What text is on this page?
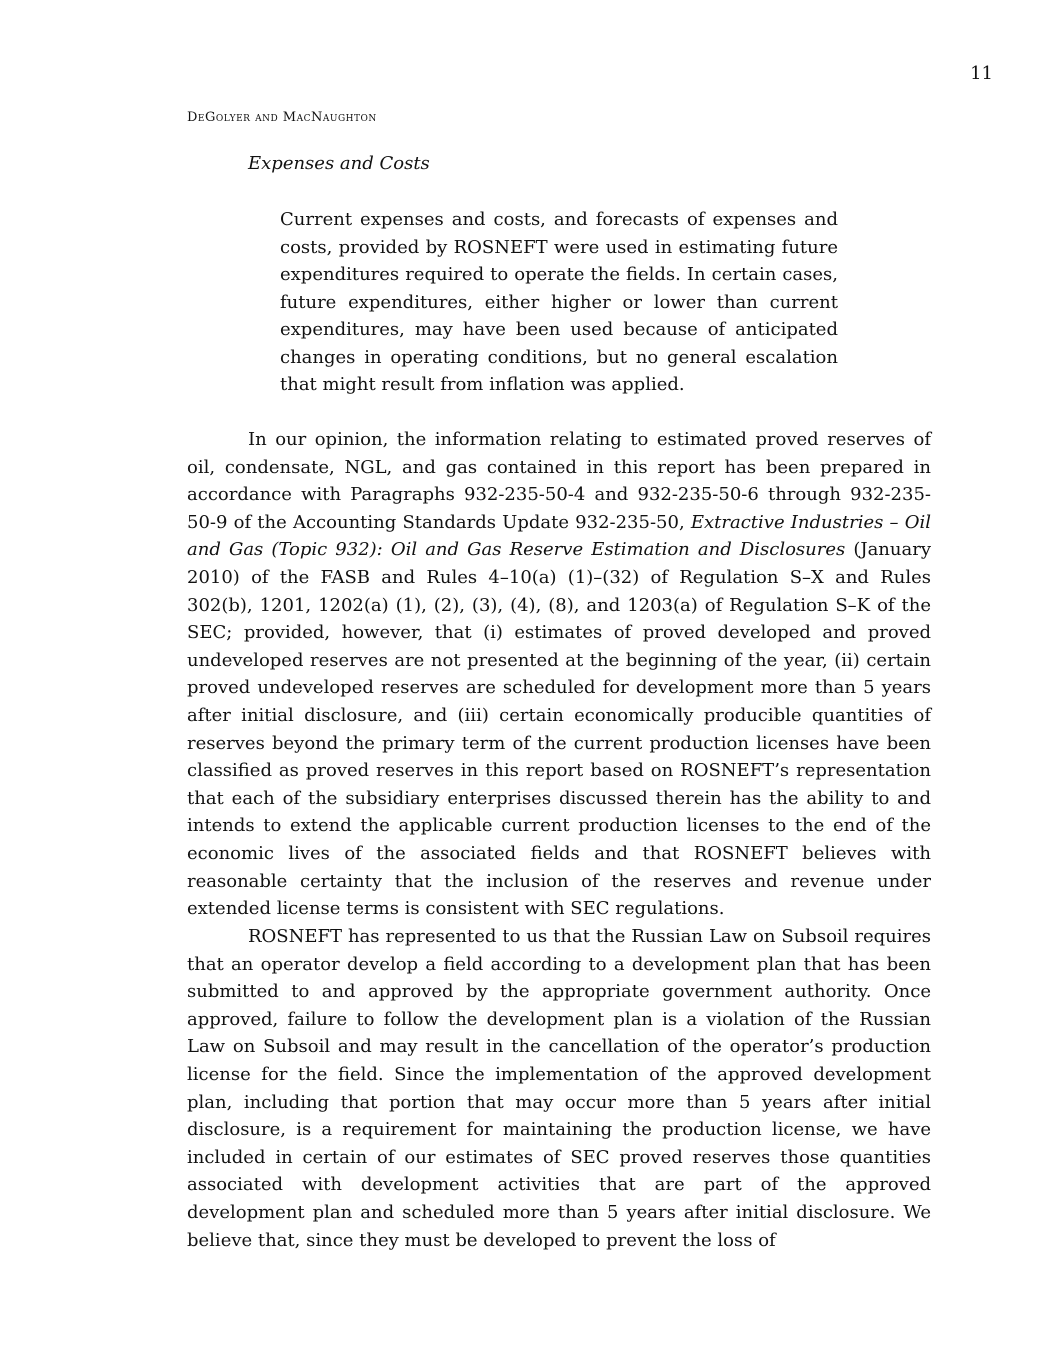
11
DeGolyer and MacNaughton
Expenses and Costs

Current expenses and costs, and forecasts of expenses and costs, provided by ROSNEFT were used in estimating future expenditures required to operate the fields. In certain cases, future expenditures, either higher or lower than current expenditures, may have been used because of anticipated changes in operating conditions, but no general escalation that might result from inflation was applied.

In our opinion, the information relating to estimated proved reserves of oil, condensate, NGL, and gas contained in this report has been prepared in accordance with Paragraphs 932-235-50-4 and 932-235-50-6 through 932-235-50-9 of the Accounting Standards Update 932-235-50, Extractive Industries – Oil and Gas (Topic 932): Oil and Gas Reserve Estimation and Disclosures (January 2010) of the FASB and Rules 4–10(a) (1)–(32) of Regulation S–X and Rules 302(b), 1201, 1202(a) (1), (2), (3), (4), (8), and 1203(a) of Regulation S–K of the SEC; provided, however, that (i) estimates of proved developed and proved undeveloped reserves are not presented at the beginning of the year, (ii) certain proved undeveloped reserves are scheduled for development more than 5 years after initial disclosure, and (iii) certain economically producible quantities of reserves beyond the primary term of the current production licenses have been classified as proved reserves in this report based on ROSNEFT’s representation that each of the subsidiary enterprises discussed therein has the ability to and intends to extend the applicable current production licenses to the end of the economic lives of the associated fields and that ROSNEFT believes with reasonable certainty that the inclusion of the reserves and revenue under extended license terms is consistent with SEC regulations.

ROSNEFT has represented to us that the Russian Law on Subsoil requires that an operator develop a field according to a development plan that has been submitted to and approved by the appropriate government authority. Once approved, failure to follow the development plan is a violation of the Russian Law on Subsoil and may result in the cancellation of the operator’s production license for the field. Since the implementation of the approved development plan, including that portion that may occur more than 5 years after initial disclosure, is a requirement for maintaining the production license, we have included in certain of our estimates of SEC proved reserves those quantities associated with development activities that are part of the approved development plan and scheduled more than 5 years after initial disclosure. We believe that, since they must be developed to prevent the loss of
